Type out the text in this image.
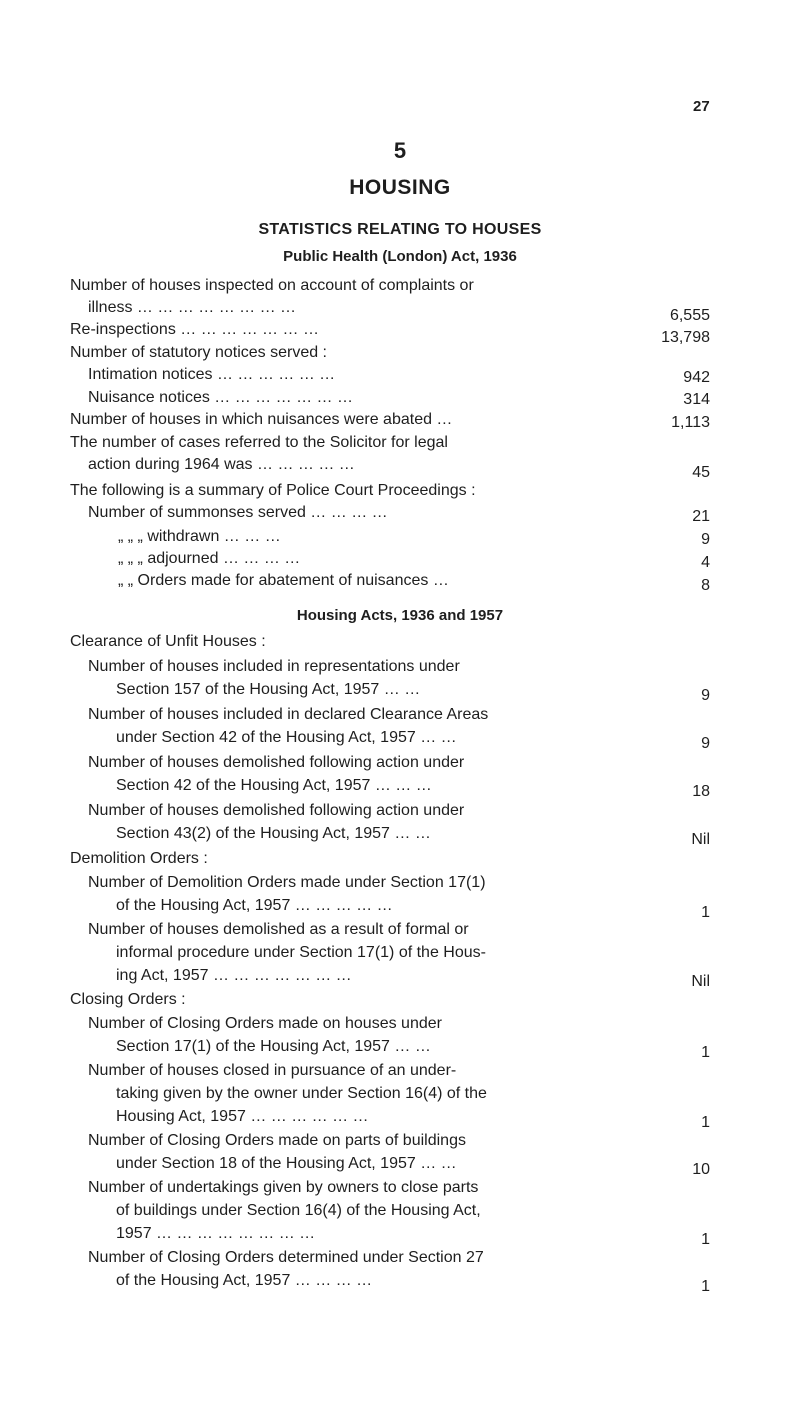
27
5
HOUSING
STATISTICS RELATING TO HOUSES
Public Health (London) Act, 1936
Number of houses inspected on account of complaints or
illness … … … … … … … …	6,555
Re-inspections … … … … … … …	13,798
Number of statutory notices served :
Intimation notices … … … … … …	942
Nuisance notices … … … … … … …	314
Number of houses in which nuisances were abated …	1,113
The number of cases referred to the Solicitor for legal
action during 1964 was … … … … …	45
The following is a summary of Police Court Proceedings :
Number of summonses served … … … …	21
„ „ „ withdrawn … … …	9
„ „ „ adjourned … … … …	4
„ „ Orders made for abatement of nuisances …	8
Housing Acts, 1936 and 1957
Clearance of Unfit Houses :
Number of houses included in representations under
Section 157 of the Housing Act, 1957 … …	9
Number of houses included in declared Clearance Areas
under Section 42 of the Housing Act, 1957 … …	9
Number of houses demolished following action under
Section 42 of the Housing Act, 1957 … … …	18
Number of houses demolished following action under
Section 43(2) of the Housing Act, 1957 … …	Nil
Demolition Orders :
Number of Demolition Orders made under Section 17(1)
of the Housing Act, 1957 … … … … …	1
Number of houses demolished as a result of formal or
informal procedure under Section 17(1) of the Hous-
ing Act, 1957 … … … … … … …	Nil
Closing Orders :
Number of Closing Orders made on houses under
Section 17(1) of the Housing Act, 1957 … …	1
Number of houses closed in pursuance of an under-
taking given by the owner under Section 16(4) of the
Housing Act, 1957 … … … … … …	1
Number of Closing Orders made on parts of buildings
under Section 18 of the Housing Act, 1957 … …	10
Number of undertakings given by owners to close parts
of buildings under Section 16(4) of the Housing Act,
1957 … … … … … … … …	1
Number of Closing Orders determined under Section 27
of the Housing Act, 1957 … … … …	1
